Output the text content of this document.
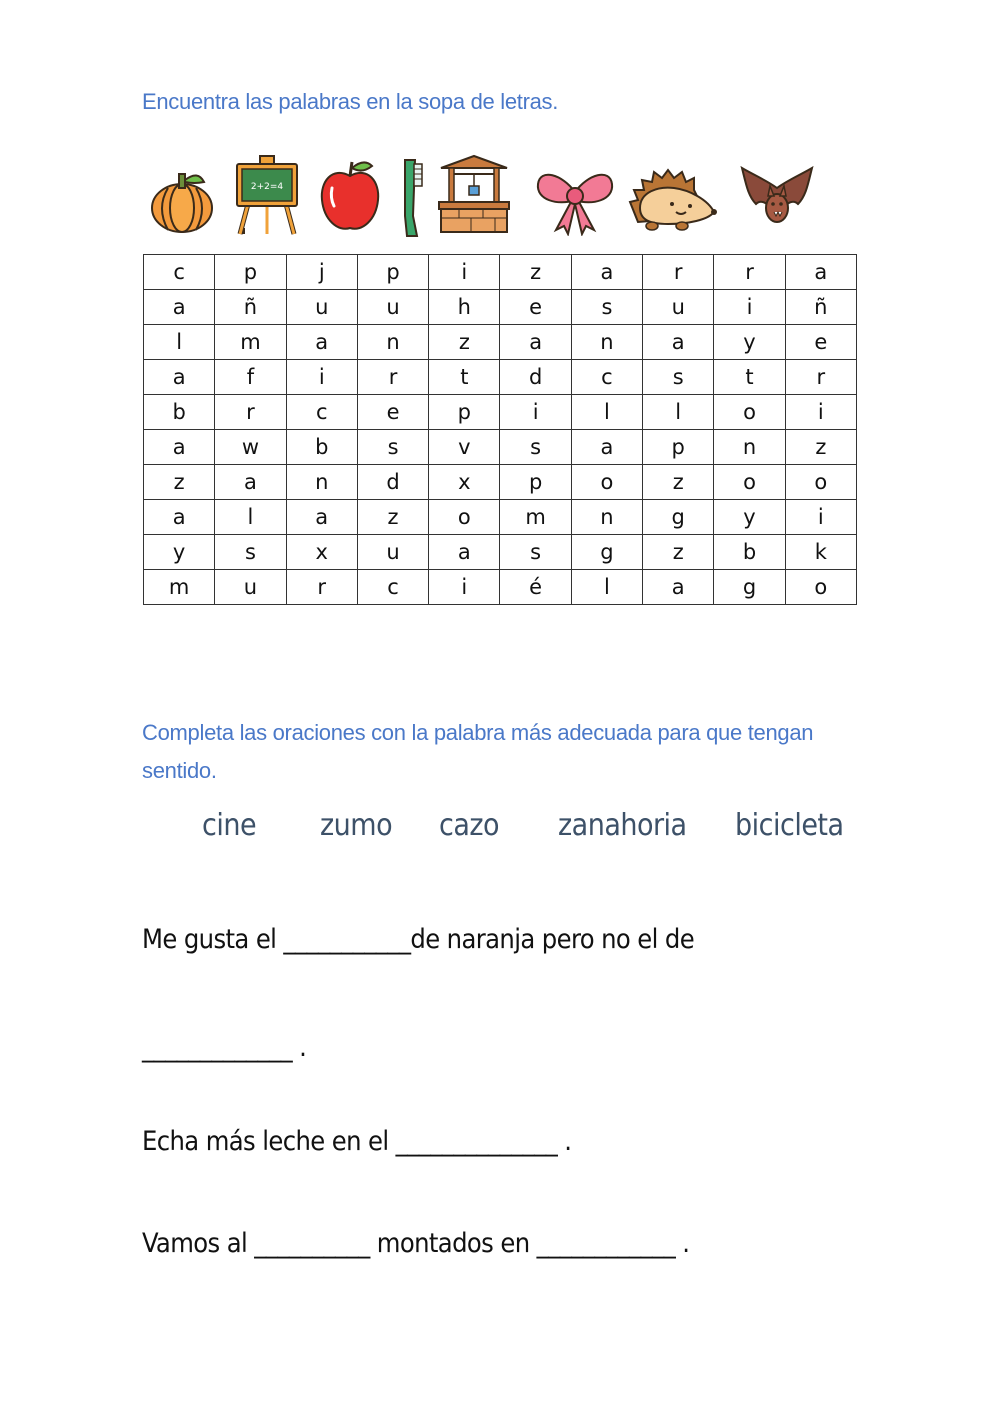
Encuentra las palabras en la sopa de letras.
2+2=4
c	p	j	p	i	z	a	r	r	a
a	ñ	u	u	h	e	s	u	i	ñ
l	m	a	n	z	a	n	a	y	e
a	f	i	r	t	d	c	s	t	r
b	r	c	e	p	i	l	l	o	i
a	w	b	s	v	s	a	p	n	z
z	a	n	d	x	p	o	z	o	o
a	l	a	z	o	m	n	g	y	i
y	s	x	u	a	s	g	z	b	k
m	u	r	c	i	é	l	a	g	o
Completa las oraciones con la palabra más adecuada para que tengan sentido.
cine zumo cazo zanahoria bicicleta
Me gusta el ___________de naranja pero no el de
_____________ .
Echa más leche en el ______________ .
Vamos al __________ montados en ____________ .
